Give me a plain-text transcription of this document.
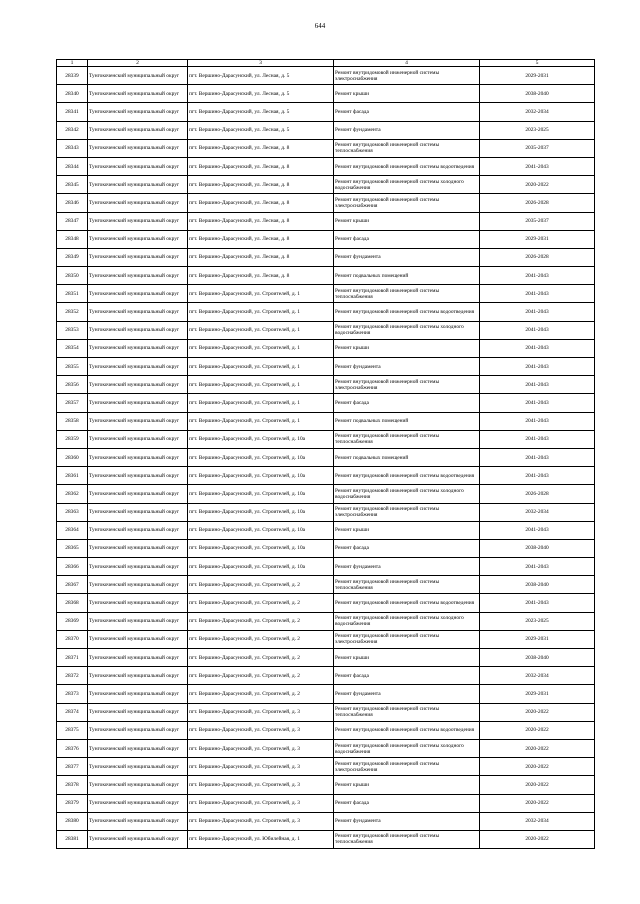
644
1	2	3	4	5
28339	Тунгокоченский муниципальный округ	пгт. Вершино-Дарасунский, ул. Лесная, д. 5	Ремонт внутридомовой инженерной системы электроснабжения	2029-2031
28340	Тунгокоченский муниципальный округ	пгт. Вершино-Дарасунский, ул. Лесная, д. 5	Ремонт крыши	2038-2040
28341	Тунгокоченский муниципальный округ	пгт. Вершино-Дарасунский, ул. Лесная, д. 5	Ремонт фасада	2032-2034
28342	Тунгокоченский муниципальный округ	пгт. Вершино-Дарасунский, ул. Лесная, д. 5	Ремонт фундамента	2023-2025
28343	Тунгокоченский муниципальный округ	пгт. Вершино-Дарасунский, ул. Лесная, д. 8	Ремонт внутридомовой инженерной системы теплоснабжения	2035-2037
28344	Тунгокоченский муниципальный округ	пгт. Вершино-Дарасунский, ул. Лесная, д. 8	Ремонт внутридомовой инженерной системы водоотведения	2041-2043
28345	Тунгокоченский муниципальный округ	пгт. Вершино-Дарасунский, ул. Лесная, д. 8	Ремонт внутридомовой инженерной системы холодного водоснабжения	2020-2022
28346	Тунгокоченский муниципальный округ	пгт. Вершино-Дарасунский, ул. Лесная, д. 8	Ремонт внутридомовой инженерной системы электроснабжения	2026-2028
28347	Тунгокоченский муниципальный округ	пгт. Вершино-Дарасунский, ул. Лесная, д. 8	Ремонт крыши	2035-2037
28348	Тунгокоченский муниципальный округ	пгт. Вершино-Дарасунский, ул. Лесная, д. 8	Ремонт фасада	2029-2031
28349	Тунгокоченский муниципальный округ	пгт. Вершино-Дарасунский, ул. Лесная, д. 8	Ремонт фундамента	2026-2028
28350	Тунгокоченский муниципальный округ	пгт. Вершино-Дарасунский, ул. Лесная, д. 8	Ремонт подвальных помещений	2041-2043
28351	Тунгокоченский муниципальный округ	пгт. Вершино-Дарасунский, ул. Строителей, д. 1	Ремонт внутридомовой инженерной системы теплоснабжения	2041-2043
28352	Тунгокоченский муниципальный округ	пгт. Вершино-Дарасунский, ул. Строителей, д. 1	Ремонт внутридомовой инженерной системы водоотведения	2041-2043
28353	Тунгокоченский муниципальный округ	пгт. Вершино-Дарасунский, ул. Строителей, д. 1	Ремонт внутридомовой инженерной системы холодного водоснабжения	2041-2043
28354	Тунгокоченский муниципальный округ	пгт. Вершино-Дарасунский, ул. Строителей, д. 1	Ремонт крыши	2041-2043
28355	Тунгокоченский муниципальный округ	пгт. Вершино-Дарасунский, ул. Строителей, д. 1	Ремонт фундамента	2041-2043
28356	Тунгокоченский муниципальный округ	пгт. Вершино-Дарасунский, ул. Строителей, д. 1	Ремонт внутридомовой инженерной системы электроснабжения	2041-2043
28357	Тунгокоченский муниципальный округ	пгт. Вершино-Дарасунский, ул. Строителей, д. 1	Ремонт фасада	2041-2043
28358	Тунгокоченский муниципальный округ	пгт. Вершино-Дарасунский, ул. Строителей, д. 1	Ремонт подвальных помещений	2041-2043
28359	Тунгокоченский муниципальный округ	пгт. Вершино-Дарасунский, ул. Строителей, д. 10а	Ремонт внутридомовой инженерной системы теплоснабжения	2041-2043
28360	Тунгокоченский муниципальный округ	пгт. Вершино-Дарасунский, ул. Строителей, д. 10а	Ремонт подвальных помещений	2041-2043
28361	Тунгокоченский муниципальный округ	пгт. Вершино-Дарасунский, ул. Строителей, д. 10а	Ремонт внутридомовой инженерной системы водоотведения	2041-2043
28362	Тунгокоченский муниципальный округ	пгт. Вершино-Дарасунский, ул. Строителей, д. 10а	Ремонт внутридомовой инженерной системы холодного водоснабжения	2026-2028
28363	Тунгокоченский муниципальный округ	пгт. Вершино-Дарасунский, ул. Строителей, д. 10а	Ремонт внутридомовой инженерной системы электроснабжения	2032-2034
28364	Тунгокоченский муниципальный округ	пгт. Вершино-Дарасунский, ул. Строителей, д. 10а	Ремонт крыши	2041-2043
28365	Тунгокоченский муниципальный округ	пгт. Вершино-Дарасунский, ул. Строителей, д. 10а	Ремонт фасада	2038-2040
28366	Тунгокоченский муниципальный округ	пгт. Вершино-Дарасунский, ул. Строителей, д. 10а	Ремонт фундамента	2041-2043
28367	Тунгокоченский муниципальный округ	пгт. Вершино-Дарасунский, ул. Строителей, д. 2	Ремонт внутридомовой инженерной системы теплоснабжения	2038-2040
28368	Тунгокоченский муниципальный округ	пгт. Вершино-Дарасунский, ул. Строителей, д. 2	Ремонт внутридомовой инженерной системы водоотведения	2041-2043
28369	Тунгокоченский муниципальный округ	пгт. Вершино-Дарасунский, ул. Строителей, д. 2	Ремонт внутридомовой инженерной системы холодного водоснабжения	2023-2025
28370	Тунгокоченский муниципальный округ	пгт. Вершино-Дарасунский, ул. Строителей, д. 2	Ремонт внутридомовой инженерной системы электроснабжения	2029-2031
28371	Тунгокоченский муниципальный округ	пгт. Вершино-Дарасунский, ул. Строителей, д. 2	Ремонт крыши	2038-2040
28372	Тунгокоченский муниципальный округ	пгт. Вершино-Дарасунский, ул. Строителей, д. 2	Ремонт фасада	2032-2034
28373	Тунгокоченский муниципальный округ	пгт. Вершино-Дарасунский, ул. Строителей, д. 2	Ремонт фундамента	2029-2031
28374	Тунгокоченский муниципальный округ	пгт. Вершино-Дарасунский, ул. Строителей, д. 3	Ремонт внутридомовой инженерной системы теплоснабжения	2020-2022
28375	Тунгокоченский муниципальный округ	пгт. Вершино-Дарасунский, ул. Строителей, д. 3	Ремонт внутридомовой инженерной системы водоотведения	2020-2022
28376	Тунгокоченский муниципальный округ	пгт. Вершино-Дарасунский, ул. Строителей, д. 3	Ремонт внутридомовой инженерной системы холодного водоснабжения	2020-2022
28377	Тунгокоченский муниципальный округ	пгт. Вершино-Дарасунский, ул. Строителей, д. 3	Ремонт внутридомовой инженерной системы электроснабжения	2020-2022
28378	Тунгокоченский муниципальный округ	пгт. Вершино-Дарасунский, ул. Строителей, д. 3	Ремонт крыши	2020-2022
28379	Тунгокоченский муниципальный округ	пгт. Вершино-Дарасунский, ул. Строителей, д. 3	Ремонт фасада	2020-2022
28380	Тунгокоченский муниципальный округ	пгт. Вершино-Дарасунский, ул. Строителей, д. 3	Ремонт фундамента	2032-2034
28381	Тунгокоченский муниципальный округ	пгт. Вершино-Дарасунский, ул. Юбилейная, д. 1	Ремонт внутридомовой инженерной системы теплоснабжения	2020-2022
